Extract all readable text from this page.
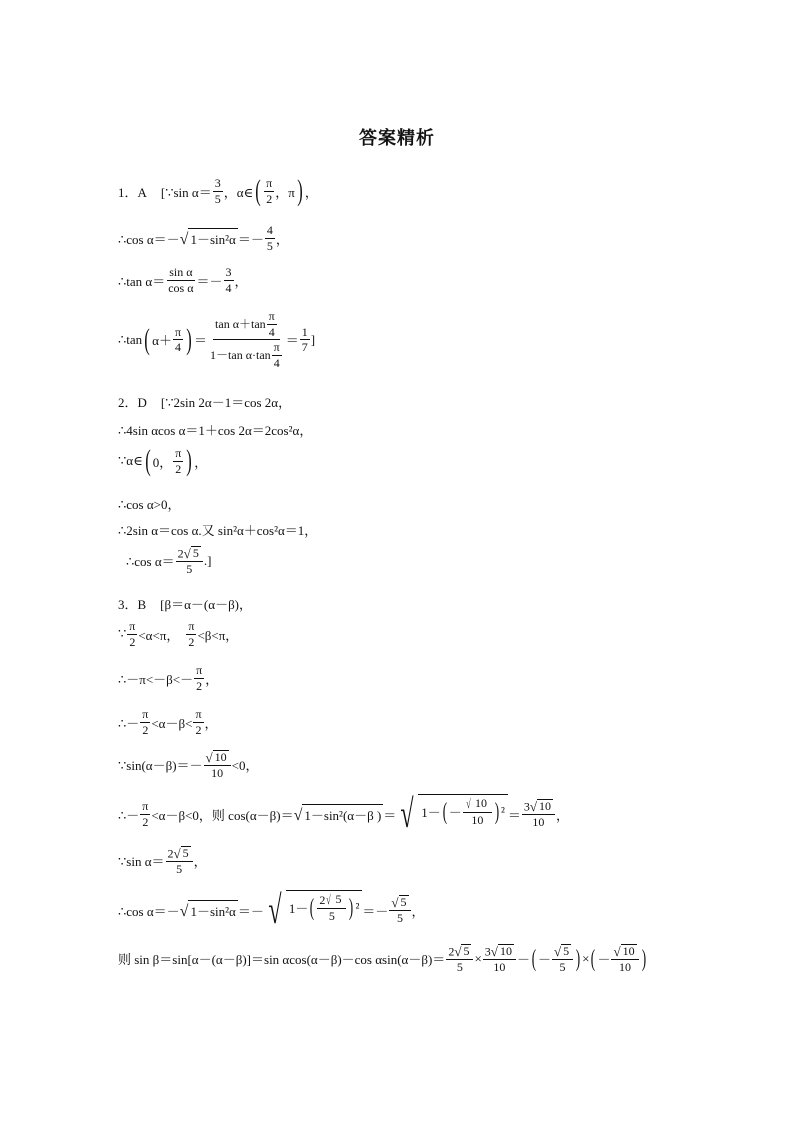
答案精析
1．A [∵sin $\alpha= \frac{3}{5}$ ，α∈ ( $\frac{\pi}{2}$ ，π ) ，
∴cos α＝－ √ $1-\sin^2\alpha =- \frac{4}{5}$ ，
∴tan $\alpha= \frac{\text{sin α}}{\text{cos α}} =- \frac{3}{4}$ ，
∴tan ( $\alpha+ \frac{\pi}{4}$ ) ＝ $\frac{\tan \alpha+\tan \frac{\pi}{4}}{1-\tan \alpha\cdot\tan \frac{\pi}{4}} = \frac{1}{7}$ ]
2．D [∵2sin 2α－1＝cos 2α，
∴4sin αcos α＝1＋cos 2α＝2cos²α，
∵α∈ ( 0， $\frac{\pi}{2}$ ) ，
∴cos α>0，
∴2sin α＝cos α.又 sin²α＋cos²α＝1，
∴cos $\alpha= \frac{2 √ 5}{5}$ .]
3．B [β＝α－(α－β)，
∵ $\frac{\pi}{2} <\alpha<\pi$， $\frac{\pi}{2} <\beta<\pi$，
∴－π<－β<－ $\frac{\pi}{2}$ ，
∴－ $\frac{\pi}{2} <\alpha-\beta< \frac{\pi}{2}$ ，
∵sin(α－β)＝－ $\frac{√ 10}{10} <0$，
∴－ $\frac{\pi}{2} <\alpha-\beta<0$，则 cos(α－β)＝ √ 1－sin²(α－β ) ＝ √ 1－ ( － $\frac{√ 10}{10}$ ) $^2 = \frac{3 √ 10}{10}$ ，
∵sin $\alpha= \frac{2 √ 5}{5}$ ，
∴cos α＝－ √ 1－sin²α ＝－ √ 1－ ( $\frac{2 √ 5}{5}$ ) $^2 =- \frac{√ 5}{5}$ ，
则 sin β＝sin[α－(α－β)]＝sin αcos(α－β)－cos $\alpha\sin(\alpha-\beta)= \frac{2 √ 5}{5} \times \frac{3 √ 10}{10}$ － ( － $\frac{√ 5}{5}$ ) × ( － $\frac{√ 10}{10}$ )
